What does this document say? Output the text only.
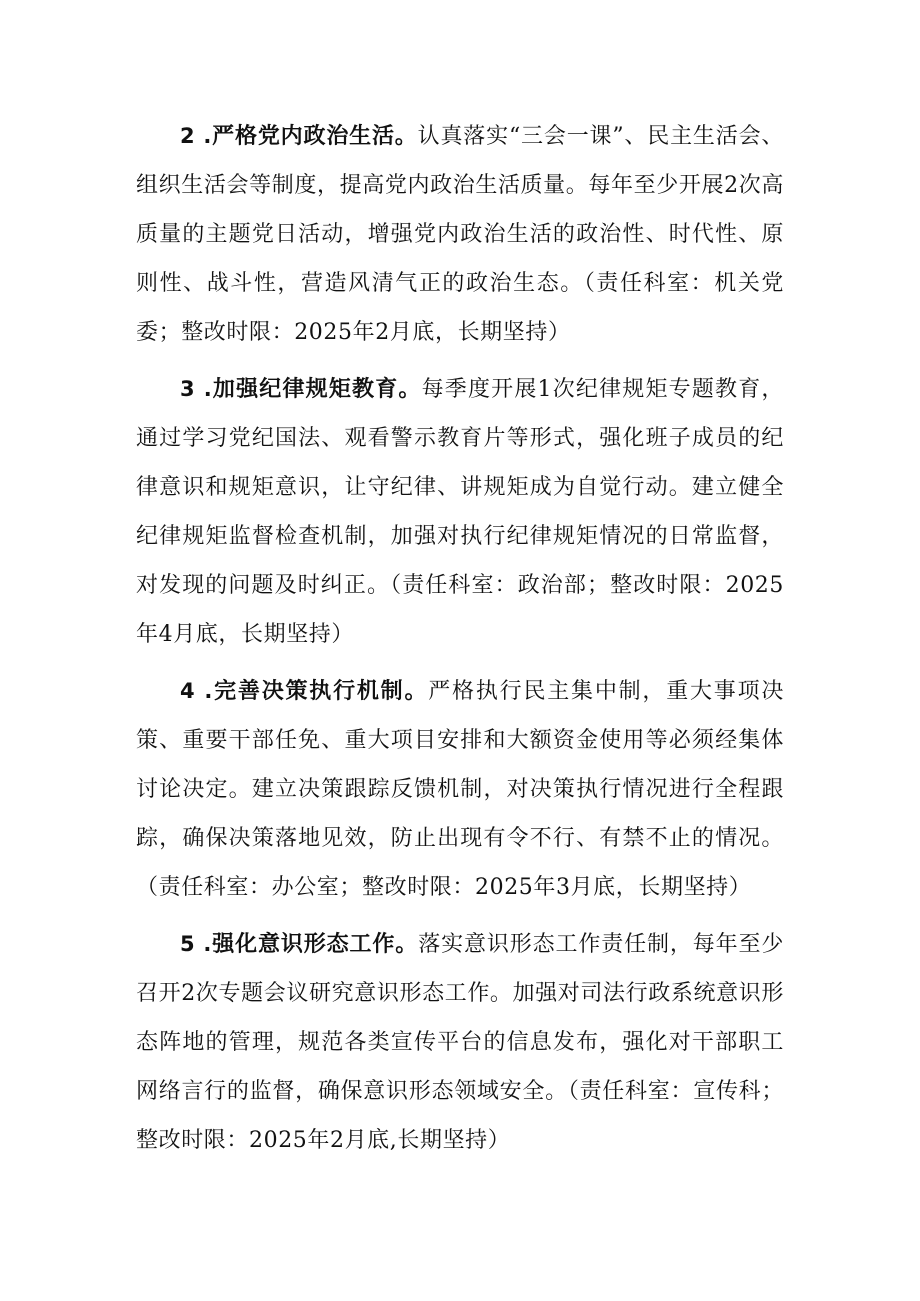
2 .严格党内政治生活。认真落实“三会一课”、民主生活会、组织生活会等制度，提高党内政治生活质量。每年至少开展2次高质量的主题党日活动，增强党内政治生活的政治性、时代性、原则性、战斗性，营造风清气正的政治生态。（责任科室：机关党委；整改时限：2025年2月底，长期坚持）

3 .加强纪律规矩教育。每季度开展1次纪律规矩专题教育，通过学习党纪国法、观看警示教育片等形式，强化班子成员的纪律意识和规矩意识，让守纪律、讲规矩成为自觉行动。建立健全纪律规矩监督检查机制，加强对执行纪律规矩情况的日常监督，对发现的问题及时纠正。（责任科室：政治部；整改时限：2025年4月底，长期坚持）

4 .完善决策执行机制。严格执行民主集中制，重大事项决策、重要干部任免、重大项目安排和大额资金使用等必须经集体讨论决定。建立决策跟踪反馈机制，对决策执行情况进行全程跟踪，确保决策落地见效，防止出现有令不行、有禁不止的情况。（责任科室：办公室；整改时限：2025年3月底，长期坚持）

5 .强化意识形态工作。落实意识形态工作责任制，每年至少召开2次专题会议研究意识形态工作。加强对司法行政系统意识形态阵地的管理，规范各类宣传平台的信息发布，强化对干部职工网络言行的监督，确保意识形态领域安全。（责任科室：宣传科；整改时限：2025年2月底,长期坚持）
